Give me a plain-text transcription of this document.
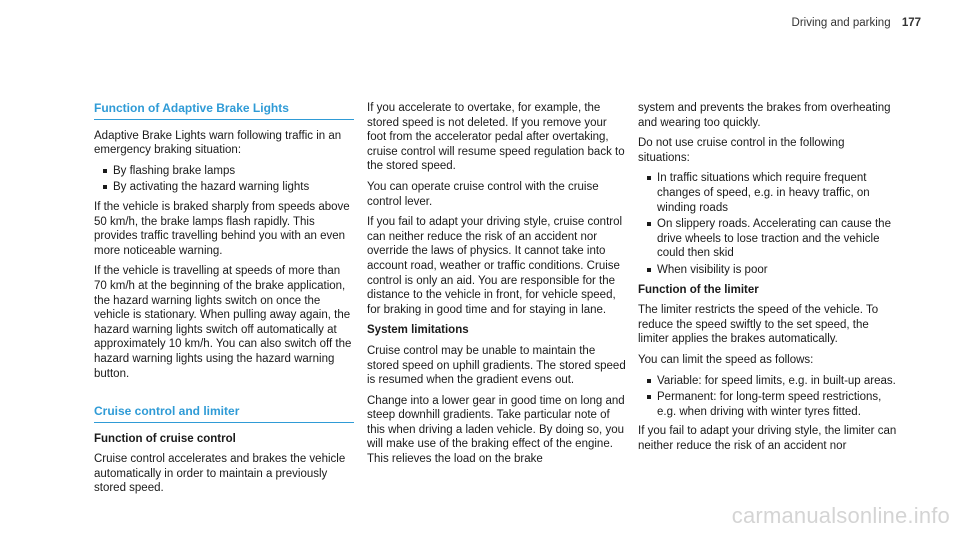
Driving and parking 177
Function of Adaptive Brake Lights

Adaptive Brake Lights warn following traffic in an emergency braking situation:

By flashing brake lamps
By activating the hazard warning lights

If the vehicle is braked sharply from speeds above 50 km/h, the brake lamps flash rapidly. This provides traffic travelling behind you with an even more noticeable warning.

If the vehicle is travelling at speeds of more than 70 km/h at the beginning of the brake application, the hazard warning lights switch on once the vehicle is stationary. When pulling away again, the hazard warning lights switch off automatically at approximately 10 km/h. You can also switch off the hazard warning lights using the hazard warning button.

Cruise control and limiter

Function of cruise control

Cruise control accelerates and brakes the vehicle automatically in order to maintain a previously stored speed.

If you accelerate to overtake, for example, the stored speed is not deleted. If you remove your foot from the accelerator pedal after overtaking, cruise control will resume speed regulation back to the stored speed.

You can operate cruise control with the cruise control lever.

If you fail to adapt your driving style, cruise control can neither reduce the risk of an accident nor override the laws of physics. It cannot take into account road, weather or traffic conditions. Cruise control is only an aid. You are responsible for the distance to the vehicle in front, for vehicle speed, for braking in good time and for staying in lane.

System limitations

Cruise control may be unable to maintain the stored speed on uphill gradients. The stored speed is resumed when the gradient evens out.

Change into a lower gear in good time on long and steep downhill gradients. Take particular note of this when driving a laden vehicle. By doing so, you will make use of the braking effect of the engine. This relieves the load on the brake

system and prevents the brakes from overheating and wearing too quickly.

Do not use cruise control in the following situations:

In traffic situations which require frequent changes of speed, e.g. in heavy traffic, on winding roads
On slippery roads. Accelerating can cause the drive wheels to lose traction and the vehicle could then skid
When visibility is poor

Function of the limiter

The limiter restricts the speed of the vehicle. To reduce the speed swiftly to the set speed, the limiter applies the brakes automatically.

You can limit the speed as follows:

Variable: for speed limits, e.g. in built-up areas.
Permanent: for long-term speed restrictions, e.g. when driving with winter tyres fitted.

If you fail to adapt your driving style, the limiter can neither reduce the risk of an accident nor

carmanualsonline.info
